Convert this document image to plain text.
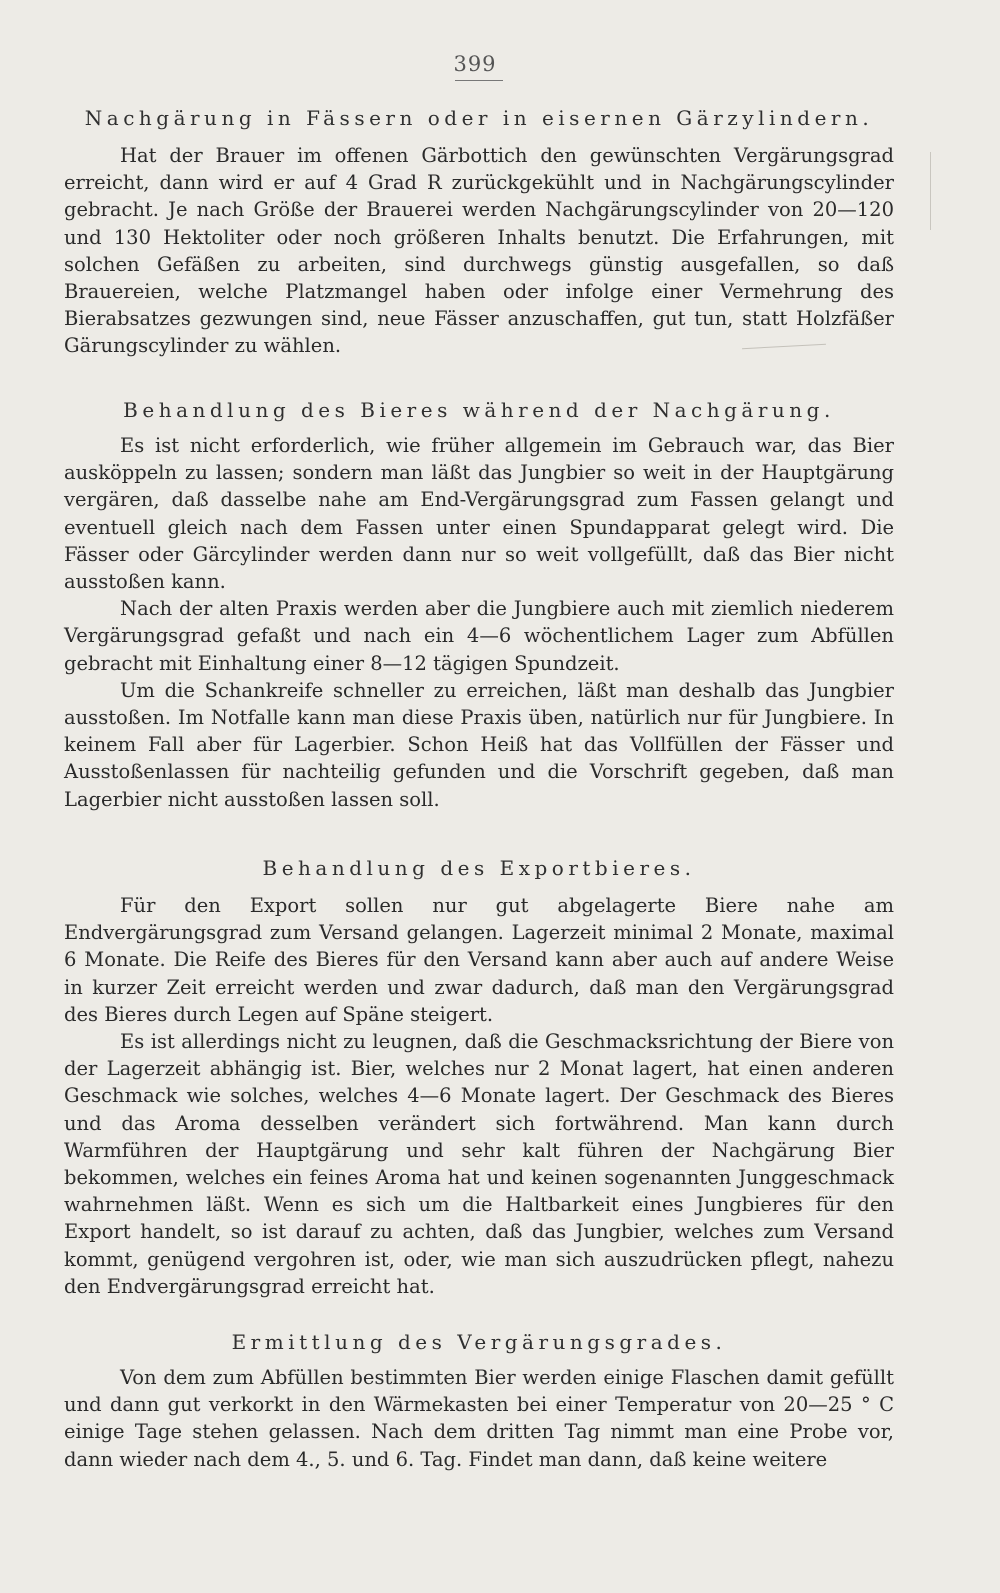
399
Nachgärung in Fässern oder in eisernen Gärzylindern.

Hat der Brauer im offenen Gärbottich den gewünschten Vergärungsgrad erreicht, dann wird er auf 4 Grad R zurückgekühlt und in Nachgärungscylinder gebracht. Je nach Größe der Brauerei werden Nachgärungscylinder von 20—120 und 130 Hektoliter oder noch größeren Inhalts benutzt. Die Erfahrungen, mit solchen Gefäßen zu arbeiten, sind durchwegs günstig ausgefallen, so daß Brauereien, welche Platzmangel haben oder infolge einer Vermehrung des Bierabsatzes gezwungen sind, neue Fässer anzuschaffen, gut tun, statt Holzfäßer Gärungscylinder zu wählen.

Behandlung des Bieres während der Nachgärung.

Es ist nicht erforderlich, wie früher allgemein im Gebrauch war, das Bier ausköppeln zu lassen; sondern man läßt das Jungbier so weit in der Hauptgärung vergären, daß dasselbe nahe am End-Vergärungsgrad zum Fassen gelangt und eventuell gleich nach dem Fassen unter einen Spundapparat gelegt wird. Die Fässer oder Gärcylinder werden dann nur so weit vollgefüllt, daß das Bier nicht ausstoßen kann.

Nach der alten Praxis werden aber die Jungbiere auch mit ziemlich niederem Vergärungsgrad gefaßt und nach ein 4—6 wöchentlichem Lager zum Abfüllen gebracht mit Einhaltung einer 8—12 tägigen Spundzeit.

Um die Schankreife schneller zu erreichen, läßt man deshalb das Jungbier ausstoßen. Im Notfalle kann man diese Praxis üben, natürlich nur für Jungbiere. In keinem Fall aber für Lagerbier. Schon Heiß hat das Vollfüllen der Fässer und Ausstoßenlassen für nachteilig gefunden und die Vorschrift gegeben, daß man Lagerbier nicht ausstoßen lassen soll.

Behandlung des Exportbieres.

Für den Export sollen nur gut abgelagerte Biere nahe am Endvergärungsgrad zum Versand gelangen. Lagerzeit minimal 2 Monate, maximal 6 Monate. Die Reife des Bieres für den Versand kann aber auch auf andere Weise in kurzer Zeit erreicht werden und zwar dadurch, daß man den Vergärungsgrad des Bieres durch Legen auf Späne steigert.

Es ist allerdings nicht zu leugnen, daß die Geschmacksrichtung der Biere von der Lagerzeit abhängig ist. Bier, welches nur 2 Monat lagert, hat einen anderen Geschmack wie solches, welches 4—6 Monate lagert. Der Geschmack des Bieres und das Aroma desselben verändert sich fortwährend. Man kann durch Warmführen der Hauptgärung und sehr kalt führen der Nachgärung Bier bekommen, welches ein feines Aroma hat und keinen sogenannten Junggeschmack wahrnehmen läßt. Wenn es sich um die Haltbarkeit eines Jungbieres für den Export handelt, so ist darauf zu achten, daß das Jungbier, welches zum Versand kommt, genügend vergohren ist, oder, wie man sich auszudrücken pflegt, nahezu den Endvergärungsgrad erreicht hat.

Ermittlung des Vergärungsgrades.

Von dem zum Abfüllen bestimmten Bier werden einige Flaschen damit gefüllt und dann gut verkorkt in den Wärmekasten bei einer Temperatur von 20—25 ° C einige Tage stehen gelassen. Nach dem dritten Tag nimmt man eine Probe vor, dann wieder nach dem 4., 5. und 6. Tag. Findet man dann, daß keine weitere
